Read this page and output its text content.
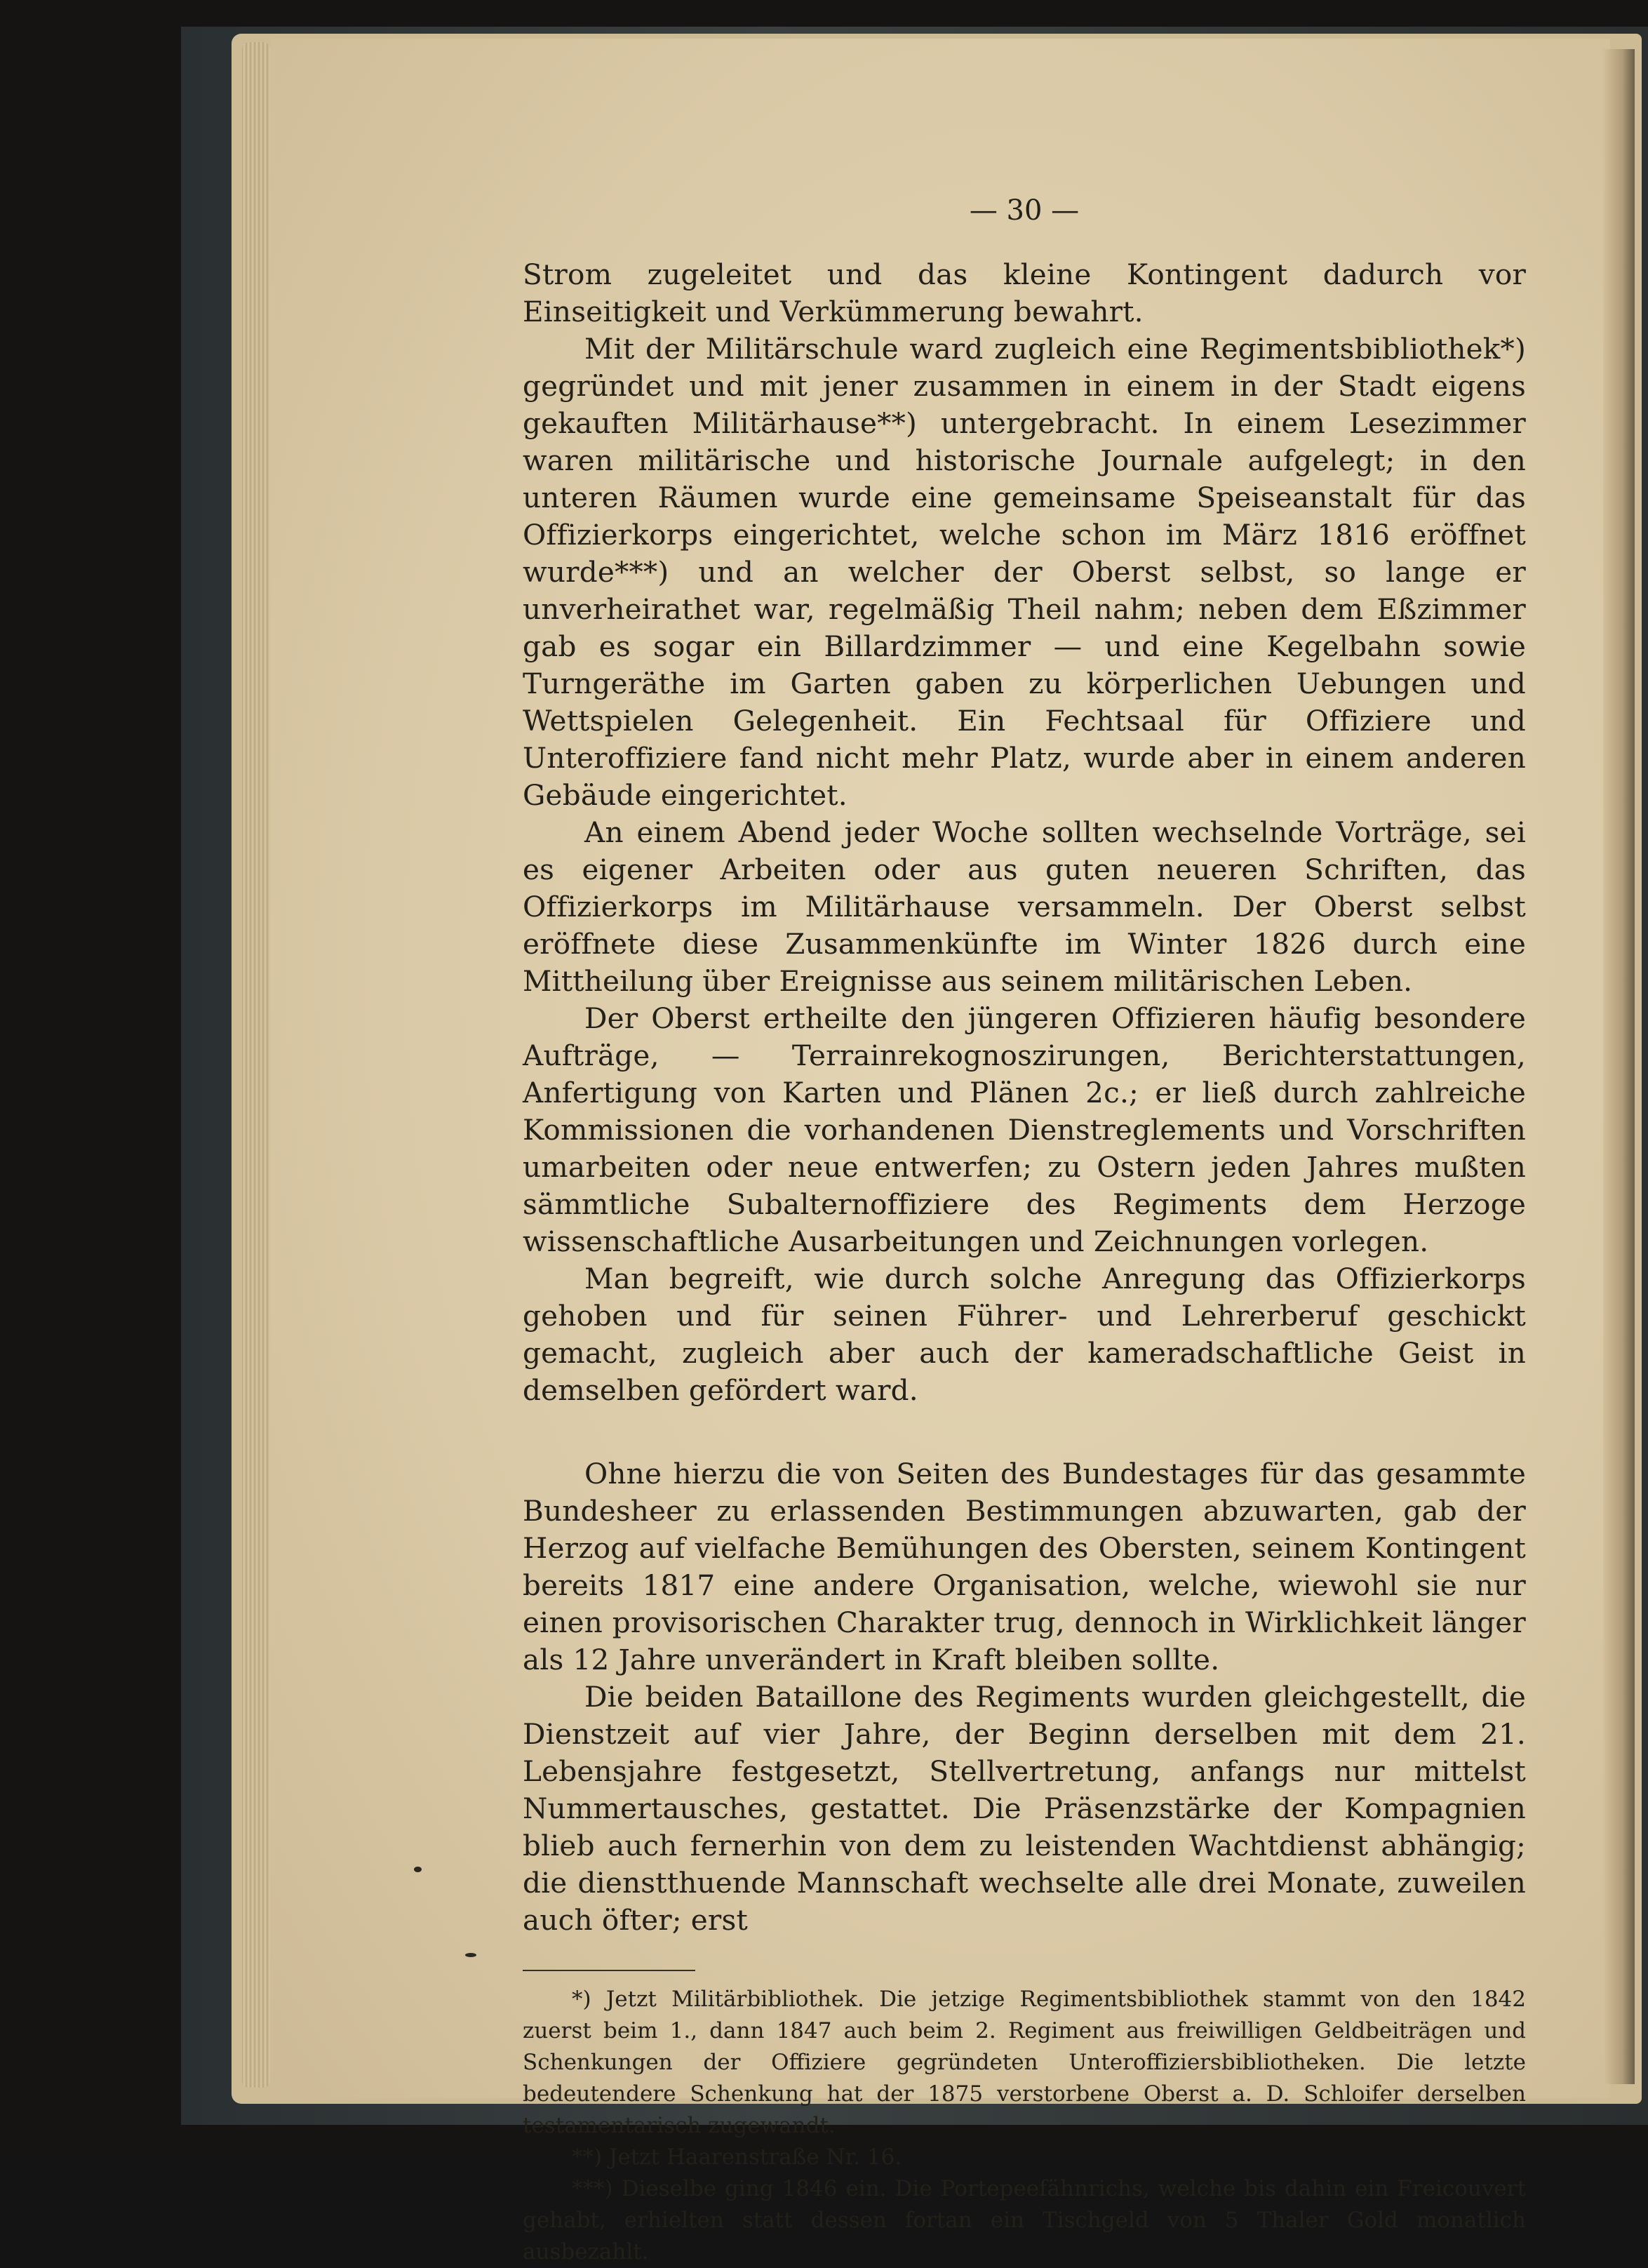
— 30 —

Strom zugeleitet und das kleine Kontingent dadurch vor Einseitigkeit und Verkümmerung bewahrt.

Mit der Militärschule ward zugleich eine Regimentsbibliothek*) gegründet und mit jener zusammen in einem in der Stadt eigens gekauften Militärhause**) untergebracht. In einem Lesezimmer waren militärische und historische Journale aufgelegt; in den unteren Räumen wurde eine gemeinsame Speiseanstalt für das Offizierkorps eingerichtet, welche schon im März 1816 eröffnet wurde***) und an welcher der Oberst selbst, so lange er unverheirathet war, regelmäßig Theil nahm; neben dem Eßzimmer gab es sogar ein Billardzimmer — und eine Kegelbahn sowie Turngeräthe im Garten gaben zu körperlichen Uebungen und Wettspielen Gelegenheit. Ein Fechtsaal für Offiziere und Unteroffiziere fand nicht mehr Platz, wurde aber in einem anderen Gebäude eingerichtet.

An einem Abend jeder Woche sollten wechselnde Vorträge, sei es eigener Arbeiten oder aus guten neueren Schriften, das Offizierkorps im Militärhause versammeln. Der Oberst selbst eröffnete diese Zusammenkünfte im Winter 1826 durch eine Mittheilung über Ereignisse aus seinem militärischen Leben.

Der Oberst ertheilte den jüngeren Offizieren häufig besondere Aufträge, — Terrainrekognoszirungen, Berichterstattungen, Anfertigung von Karten und Plänen 2c.; er ließ durch zahlreiche Kommissionen die vorhandenen Dienstreglements und Vorschriften umarbeiten oder neue entwerfen; zu Ostern jeden Jahres mußten sämmtliche Subalternoffiziere des Regiments dem Herzoge wissenschaftliche Ausarbeitungen und Zeichnungen vorlegen.

Man begreift, wie durch solche Anregung das Offizierkorps gehoben und für seinen Führer- und Lehrerberuf geschickt gemacht, zugleich aber auch der kameradschaftliche Geist in demselben gefördert ward.

Ohne hierzu die von Seiten des Bundestages für das gesammte Bundesheer zu erlassenden Bestimmungen abzuwarten, gab der Herzog auf vielfache Bemühungen des Obersten, seinem Kontingent bereits 1817 eine andere Organisation, welche, wiewohl sie nur einen provisorischen Charakter trug, dennoch in Wirklichkeit länger als 12 Jahre unverändert in Kraft bleiben sollte.

Die beiden Bataillone des Regiments wurden gleichgestellt, die Dienstzeit auf vier Jahre, der Beginn derselben mit dem 21. Lebensjahre festgesetzt, Stellvertretung, anfangs nur mittelst Nummertausches, gestattet. Die Präsenzstärke der Kompagnien blieb auch fernerhin von dem zu leistenden Wachtdienst abhängig; die dienstthuende Mannschaft wechselte alle drei Monate, zuweilen auch öfter; erst

*) Jetzt Militärbibliothek. Die jetzige Regimentsbibliothek stammt von den 1842 zuerst beim 1., dann 1847 auch beim 2. Regiment aus freiwilligen Geldbeiträgen und Schenkungen der Offiziere gegründeten Unteroffiziersbibliotheken. Die letzte bedeutendere Schenkung hat der 1875 verstorbene Oberst a. D. Schloifer derselben testamentarisch zugewandt.

**) Jetzt Haarenstraße Nr. 16.

***) Dieselbe ging 1846 ein. Die Portepeefähnrichs, welche bis dahin ein Freicouvert gehabt, erhielten statt dessen fortan ein Tischgeld von 5 Thaler Gold monatlich ausbezahlt.
